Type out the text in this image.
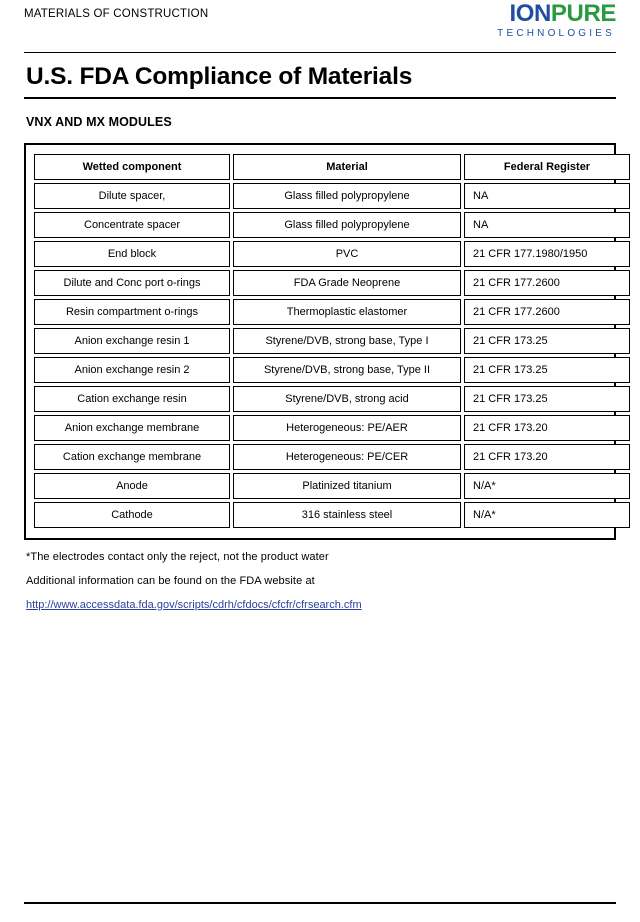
MATERIALS OF CONSTRUCTION	IONPURE
TECHNOLOGIES
U.S. FDA Compliance of Materials
VNX AND MX MODULES
Wetted component	Material	Federal Register
Dilute spacer,	Glass filled polypropylene	NA
Concentrate spacer	Glass filled polypropylene	NA
End block	PVC	21 CFR 177.1980/1950
Dilute and Conc port o-rings	FDA Grade Neoprene	21 CFR 177.2600
Resin compartment o-rings	Thermoplastic elastomer	21 CFR 177.2600
Anion exchange resin 1	Styrene/DVB, strong base, Type I	21 CFR 173.25
Anion exchange resin 2	Styrene/DVB, strong base, Type II	21 CFR 173.25
Cation exchange resin	Styrene/DVB, strong acid	21 CFR 173.25
Anion exchange membrane	Heterogeneous: PE/AER	21 CFR 173.20
Cation exchange membrane	Heterogeneous: PE/CER	21 CFR 173.20
Anode	Platinized titanium	N/A*
Cathode	316 stainless steel	N/A*
*The electrodes contact only the reject, not the product water
Additional information can be found on the FDA website at
http://www.accessdata.fda.gov/scripts/cdrh/cfdocs/cfcfr/cfrsearch.cfm
